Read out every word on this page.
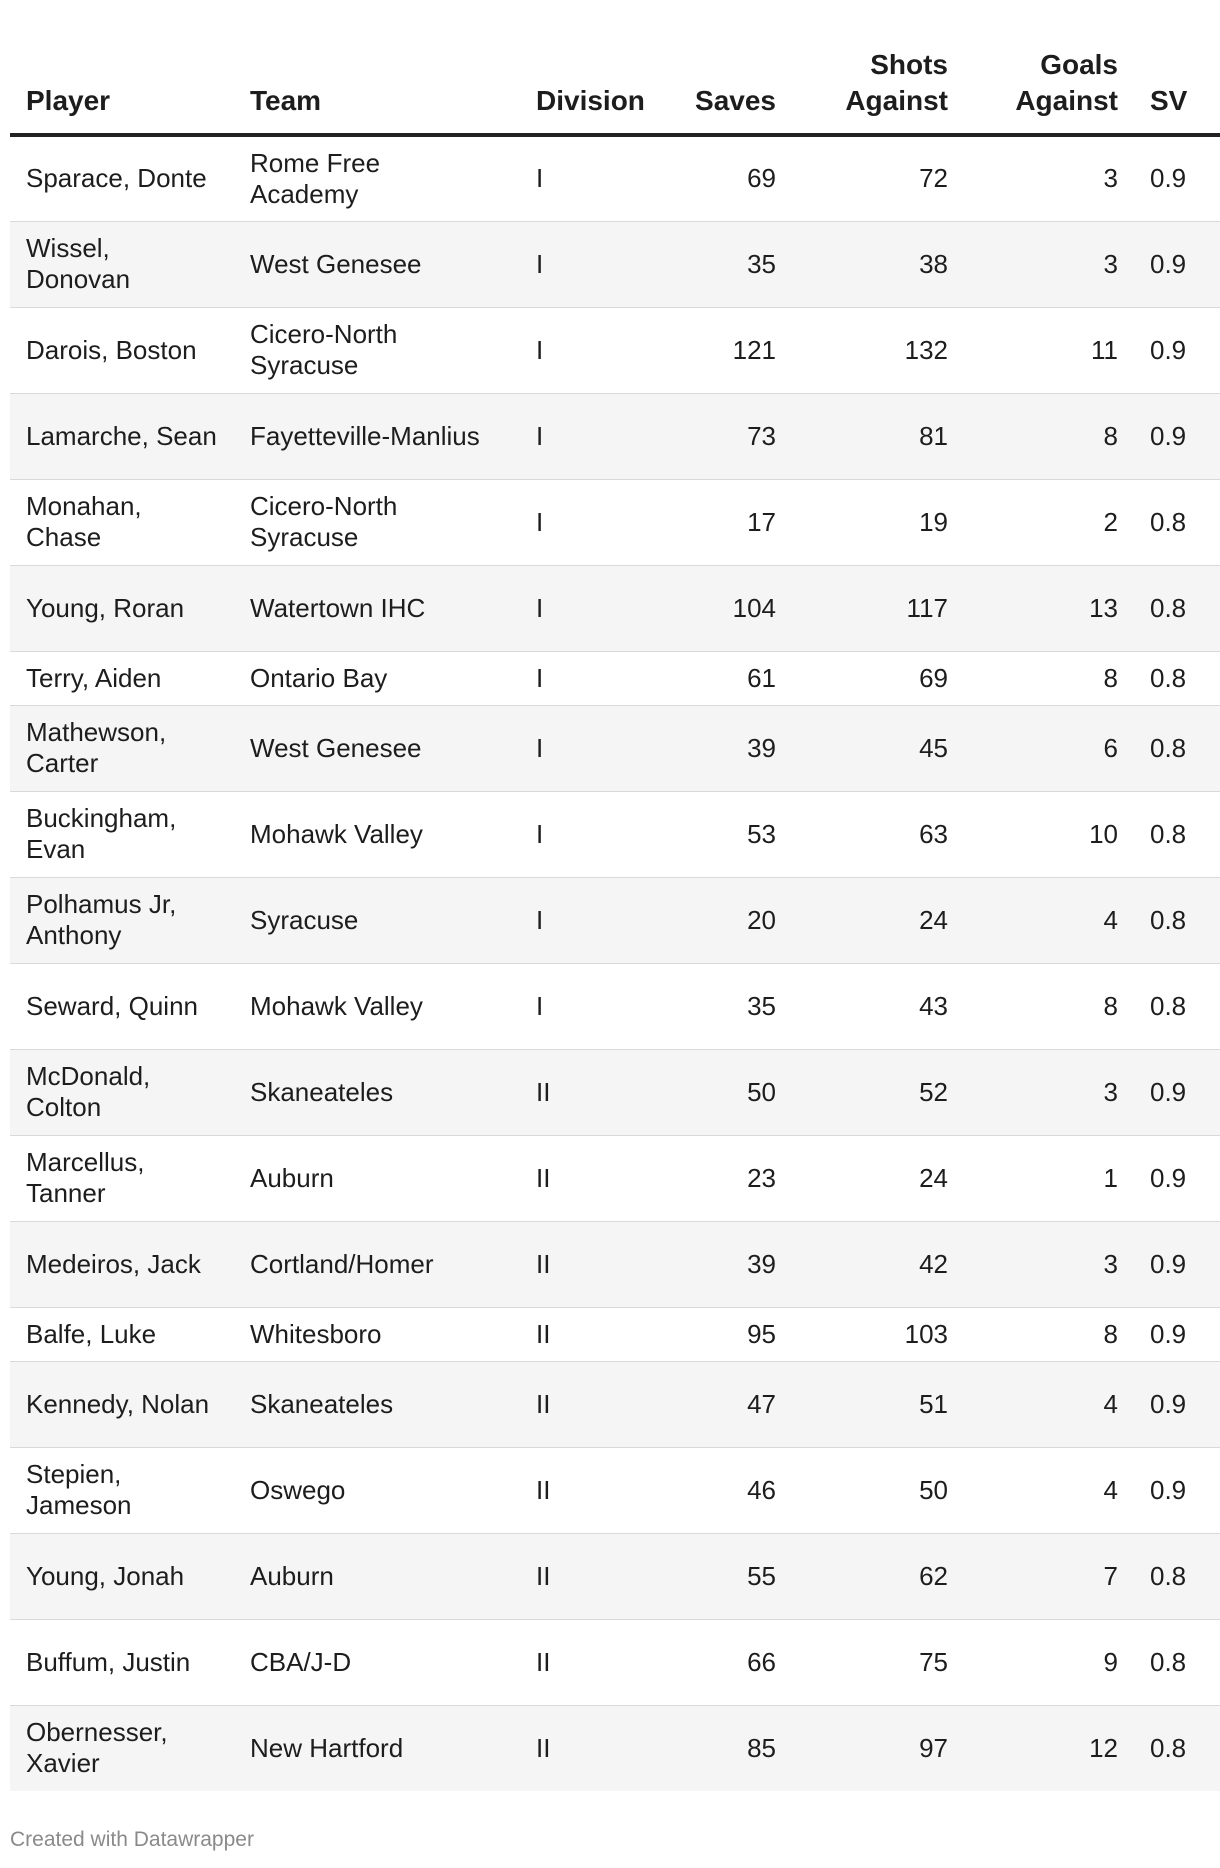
Player	Team	Division	Saves	Shots Against	Goals Against	SV
Sparace, Donte	Rome Free Academy	I	69	72	3	0.9
Wissel, Donovan	West Genesee	I	35	38	3	0.9
Darois, Boston	Cicero-North Syracuse	I	121	132	11	0.9
Lamarche, Sean	Fayetteville-Manlius	I	73	81	8	0.9
Monahan, Chase	Cicero-North Syracuse	I	17	19	2	0.8
Young, Roran	Watertown IHC	I	104	117	13	0.8
Terry, Aiden	Ontario Bay	I	61	69	8	0.8
Mathewson, Carter	West Genesee	I	39	45	6	0.8
Buckingham, Evan	Mohawk Valley	I	53	63	10	0.8
Polhamus Jr, Anthony	Syracuse	I	20	24	4	0.8
Seward, Quinn	Mohawk Valley	I	35	43	8	0.8
McDonald, Colton	Skaneateles	II	50	52	3	0.9
Marcellus, Tanner	Auburn	II	23	24	1	0.9
Medeiros, Jack	Cortland/Homer	II	39	42	3	0.9
Balfe, Luke	Whitesboro	II	95	103	8	0.9
Kennedy, Nolan	Skaneateles	II	47	51	4	0.9
Stepien, Jameson	Oswego	II	46	50	4	0.9
Young, Jonah	Auburn	II	55	62	7	0.8
Buffum, Justin	CBA/J-D	II	66	75	9	0.8
Obernesser, Xavier	New Hartford	II	85	97	12	0.8
Created with Datawrapper
